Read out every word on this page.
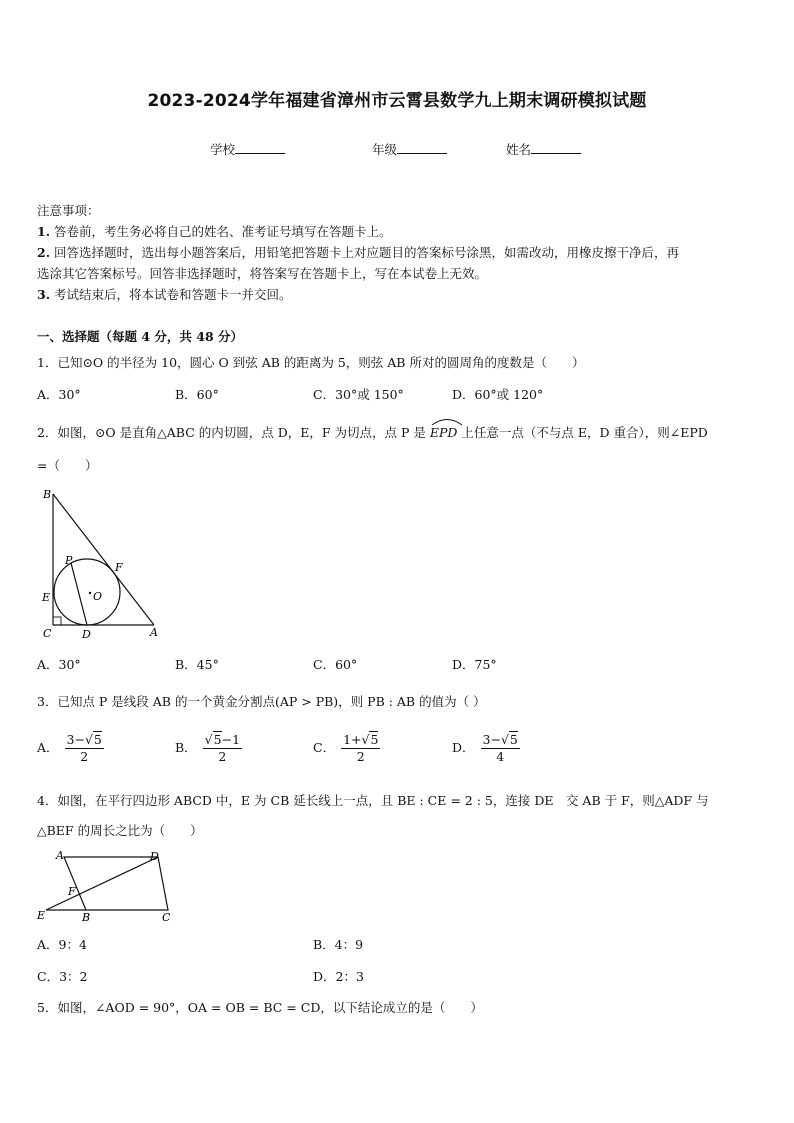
2023-2024学年福建省漳州市云霄县数学九上期末调研模拟试题
学校	年级	姓名
注意事项：
1. 答卷前，考生务必将自己的姓名、准考证号填写在答题卡上。
2. 回答选择题时，选出每小题答案后，用铅笔把答题卡上对应题目的答案标号涂黑，如需改动，用橡皮擦干净后，再
选涂其它答案标号。回答非选择题时，将答案写在答题卡上，写在本试卷上无效。
3. 考试结束后，将本试卷和答题卡一并交回。
一、选择题（每题 4 分，共 48 分）
1．已知⊙O 的半径为 10，圆心 O 到弦 AB 的距离为 5，则弦 AB 所对的圆周角的度数是（　　）
A．30°	B．60°	C．30°或 150°	D．60°或 120°
2．如图，⊙O 是直角△ABC 的内切圆，点 D，E，F 为切点，点 P 是 EPD 上任意一点（不与点 E，D 重合），则∠EPD
=（　　）
B
C	A
E
D
F
P
O
A．30°	B．45°	C．60°	D．75°
3．已知点 P 是线段 AB 的一个黄金分割点(AP > PB)，则 PB : AB 的值为（ ）
A． $\frac{3-√5}{2}$	B． $\frac{√5-1}{2}$	C． $\frac{1+√5}{2}$	D． $\frac{3-√5}{4}$
4．如图，在平行四边形 ABCD 中，E 为 CB 延长线上一点，且 BE : CE = 2 : 5，连接 DE　交 AB 于 F，则△ADF 与
△BEF 的周长之比为（　　）
A	D
F
E	B	C
A．9：4	B．4：9
C．3：2	D．2：3
5．如图，∠AOD = 90°，OA = OB = BC = CD，以下结论成立的是（　　）
